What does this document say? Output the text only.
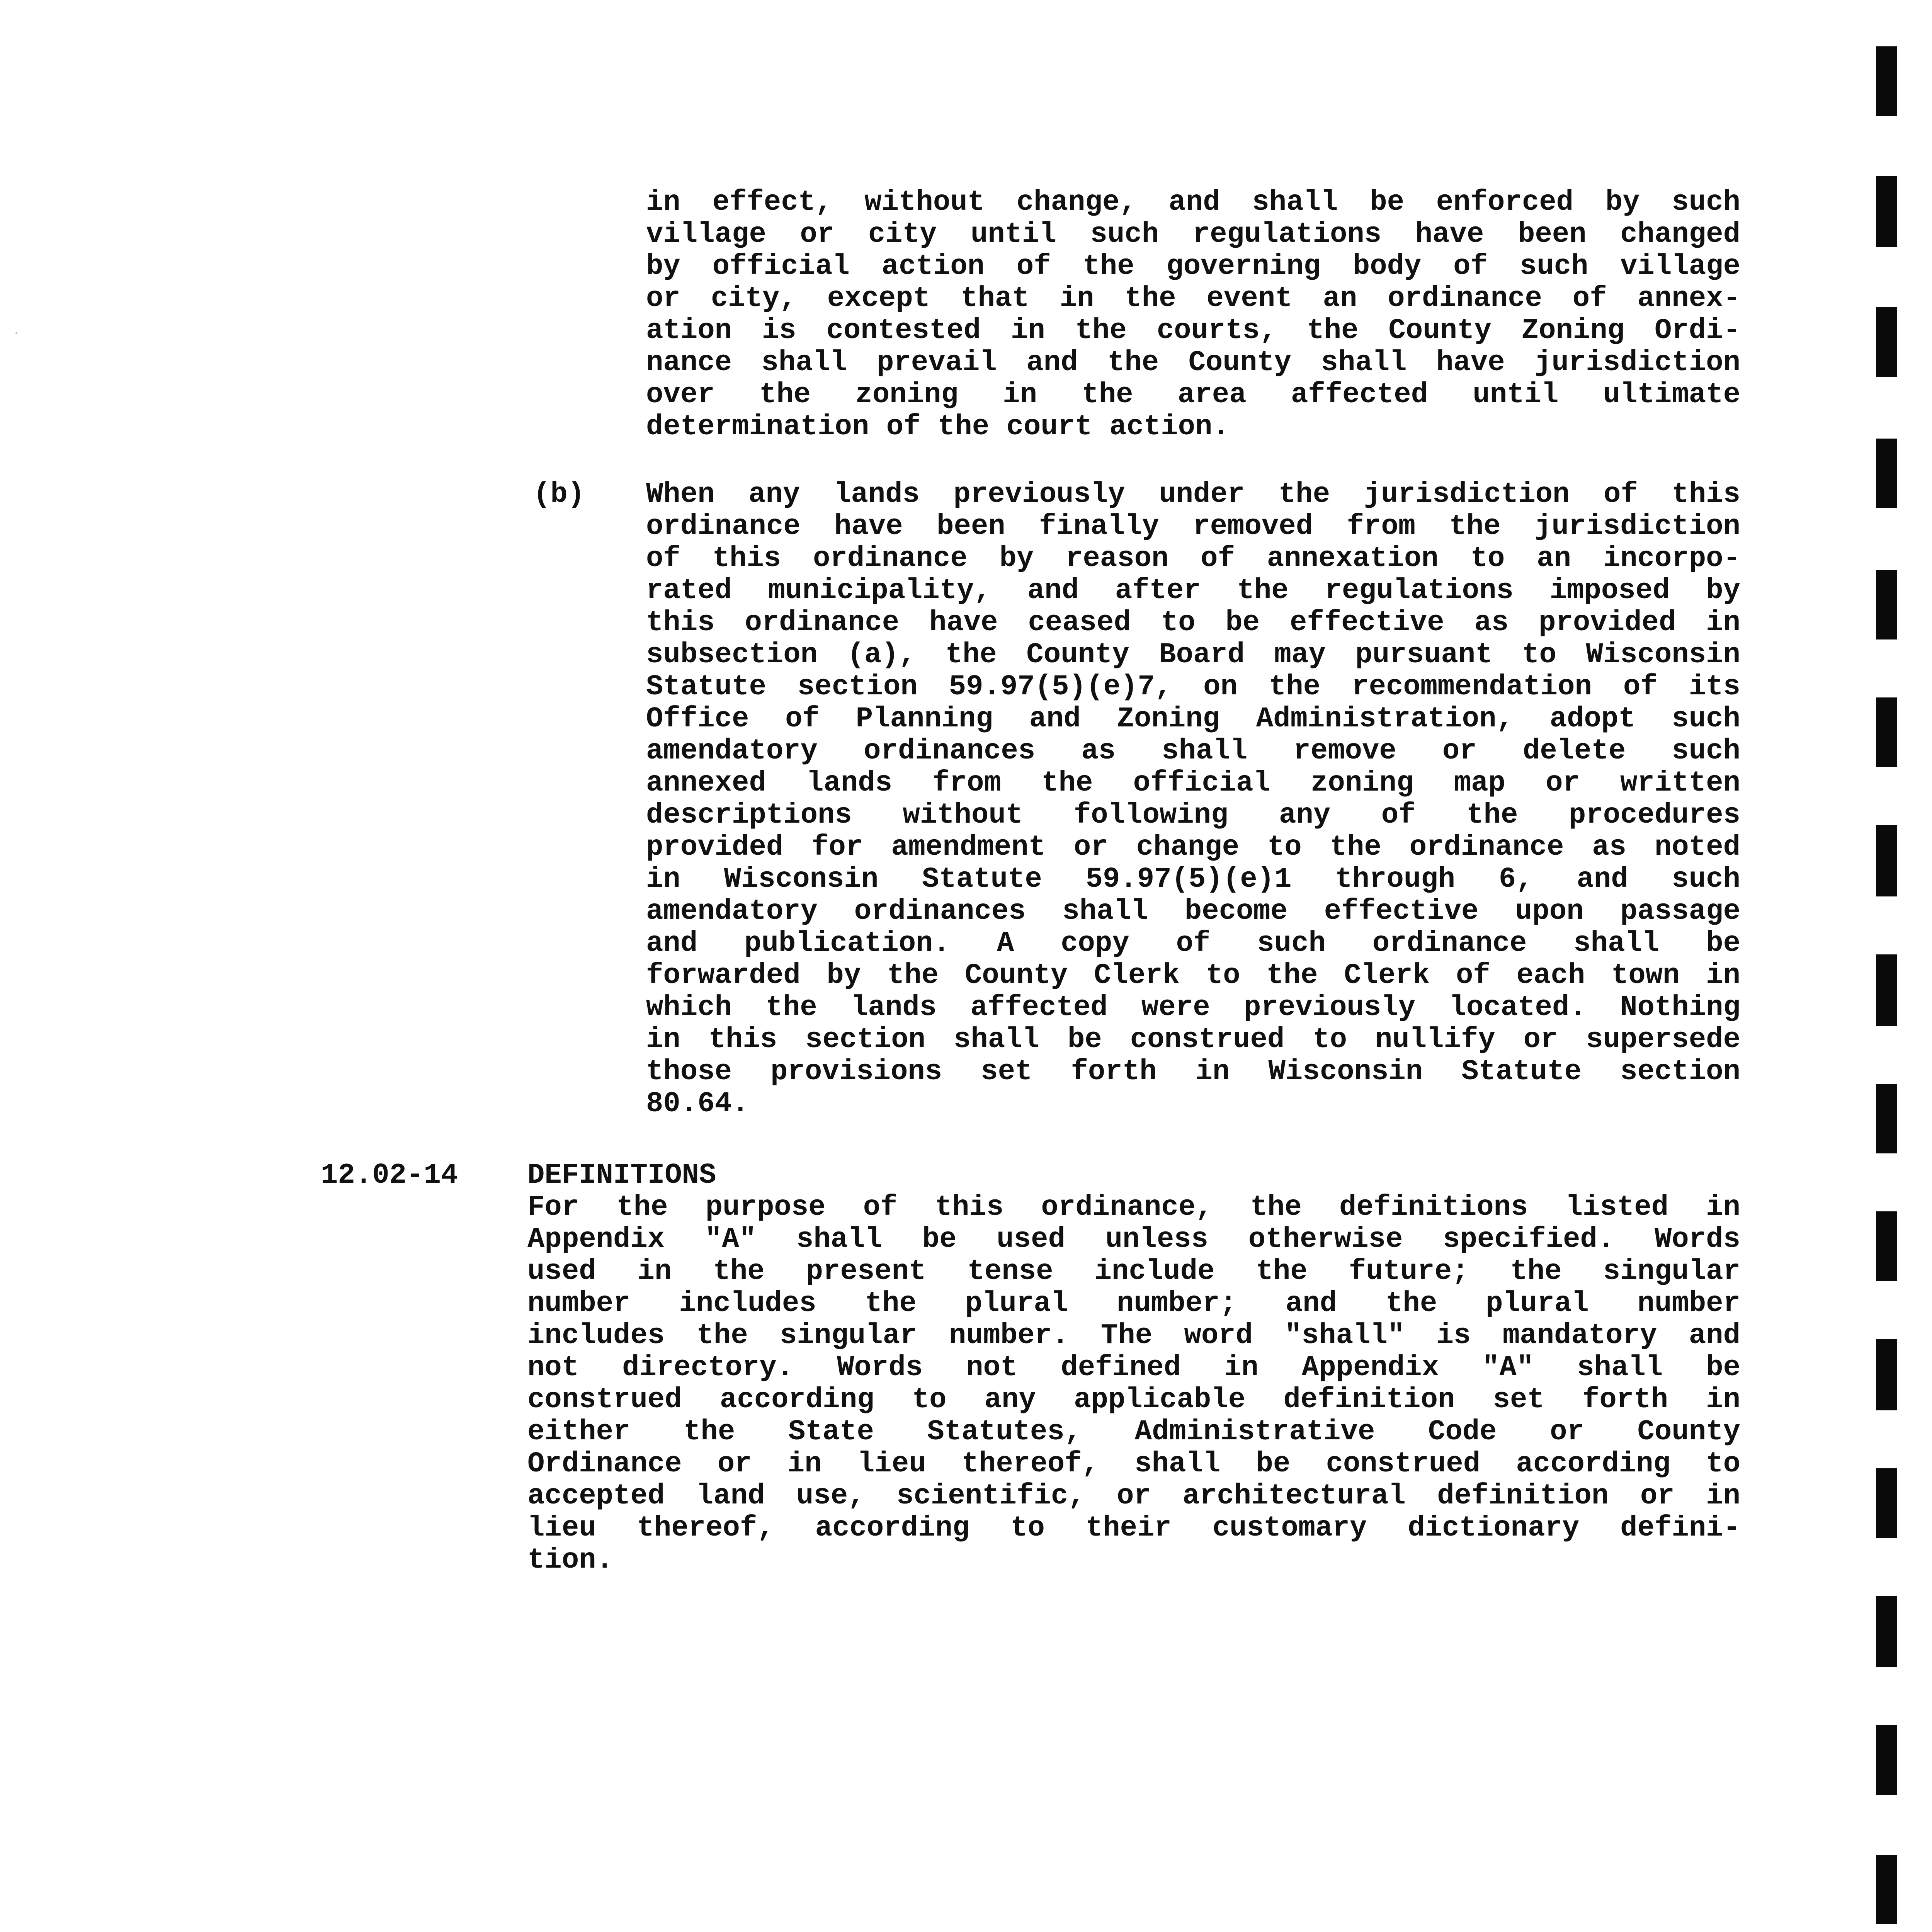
in effect, without change, and shall be enforced by such
village or city until such regulations have been changed
by official action of the governing body of such village
or city, except that in the event an ordinance of annex-
ation is contested in the courts, the County Zoning Ordi-
nance shall prevail and the County shall have jurisdiction
over the zoning in the area affected until ultimate
determination of the court action.
(b) When any lands previously under the jurisdiction of this
ordinance have been finally removed from the jurisdiction
of this ordinance by reason of annexation to an incorpo-
rated municipality, and after the regulations imposed by
this ordinance have ceased to be effective as provided in
subsection (a), the County Board may pursuant to Wisconsin
Statute section 59.97(5)(e)7, on the recommendation of its
Office of Planning and Zoning Administration, adopt such
amendatory ordinances as shall remove or delete such
annexed lands from the official zoning map or written
descriptions without following any of the procedures
provided for amendment or change to the ordinance as noted
in Wisconsin Statute 59.97(5)(e)1 through 6, and such
amendatory ordinances shall become effective upon passage
and publication. A copy of such ordinance shall be
forwarded by the County Clerk to the Clerk of each town in
which the lands affected were previously located. Nothing
in this section shall be construed to nullify or supersede
those provisions set forth in Wisconsin Statute section
80.64.
12.02-14 DEFINITIONS
For the purpose of this ordinance, the definitions listed in
Appendix "A" shall be used unless otherwise specified. Words
used in the present tense include the future; the singular
number includes the plural number; and the plural number
includes the singular number. The word "shall" is mandatory and
not directory. Words not defined in Appendix "A" shall be
construed according to any applicable definition set forth in
either the State Statutes, Administrative Code or County
Ordinance or in lieu thereof, shall be construed according to
accepted land use, scientific, or architectural definition or in
lieu thereof, according to their customary dictionary defini-
tion.
